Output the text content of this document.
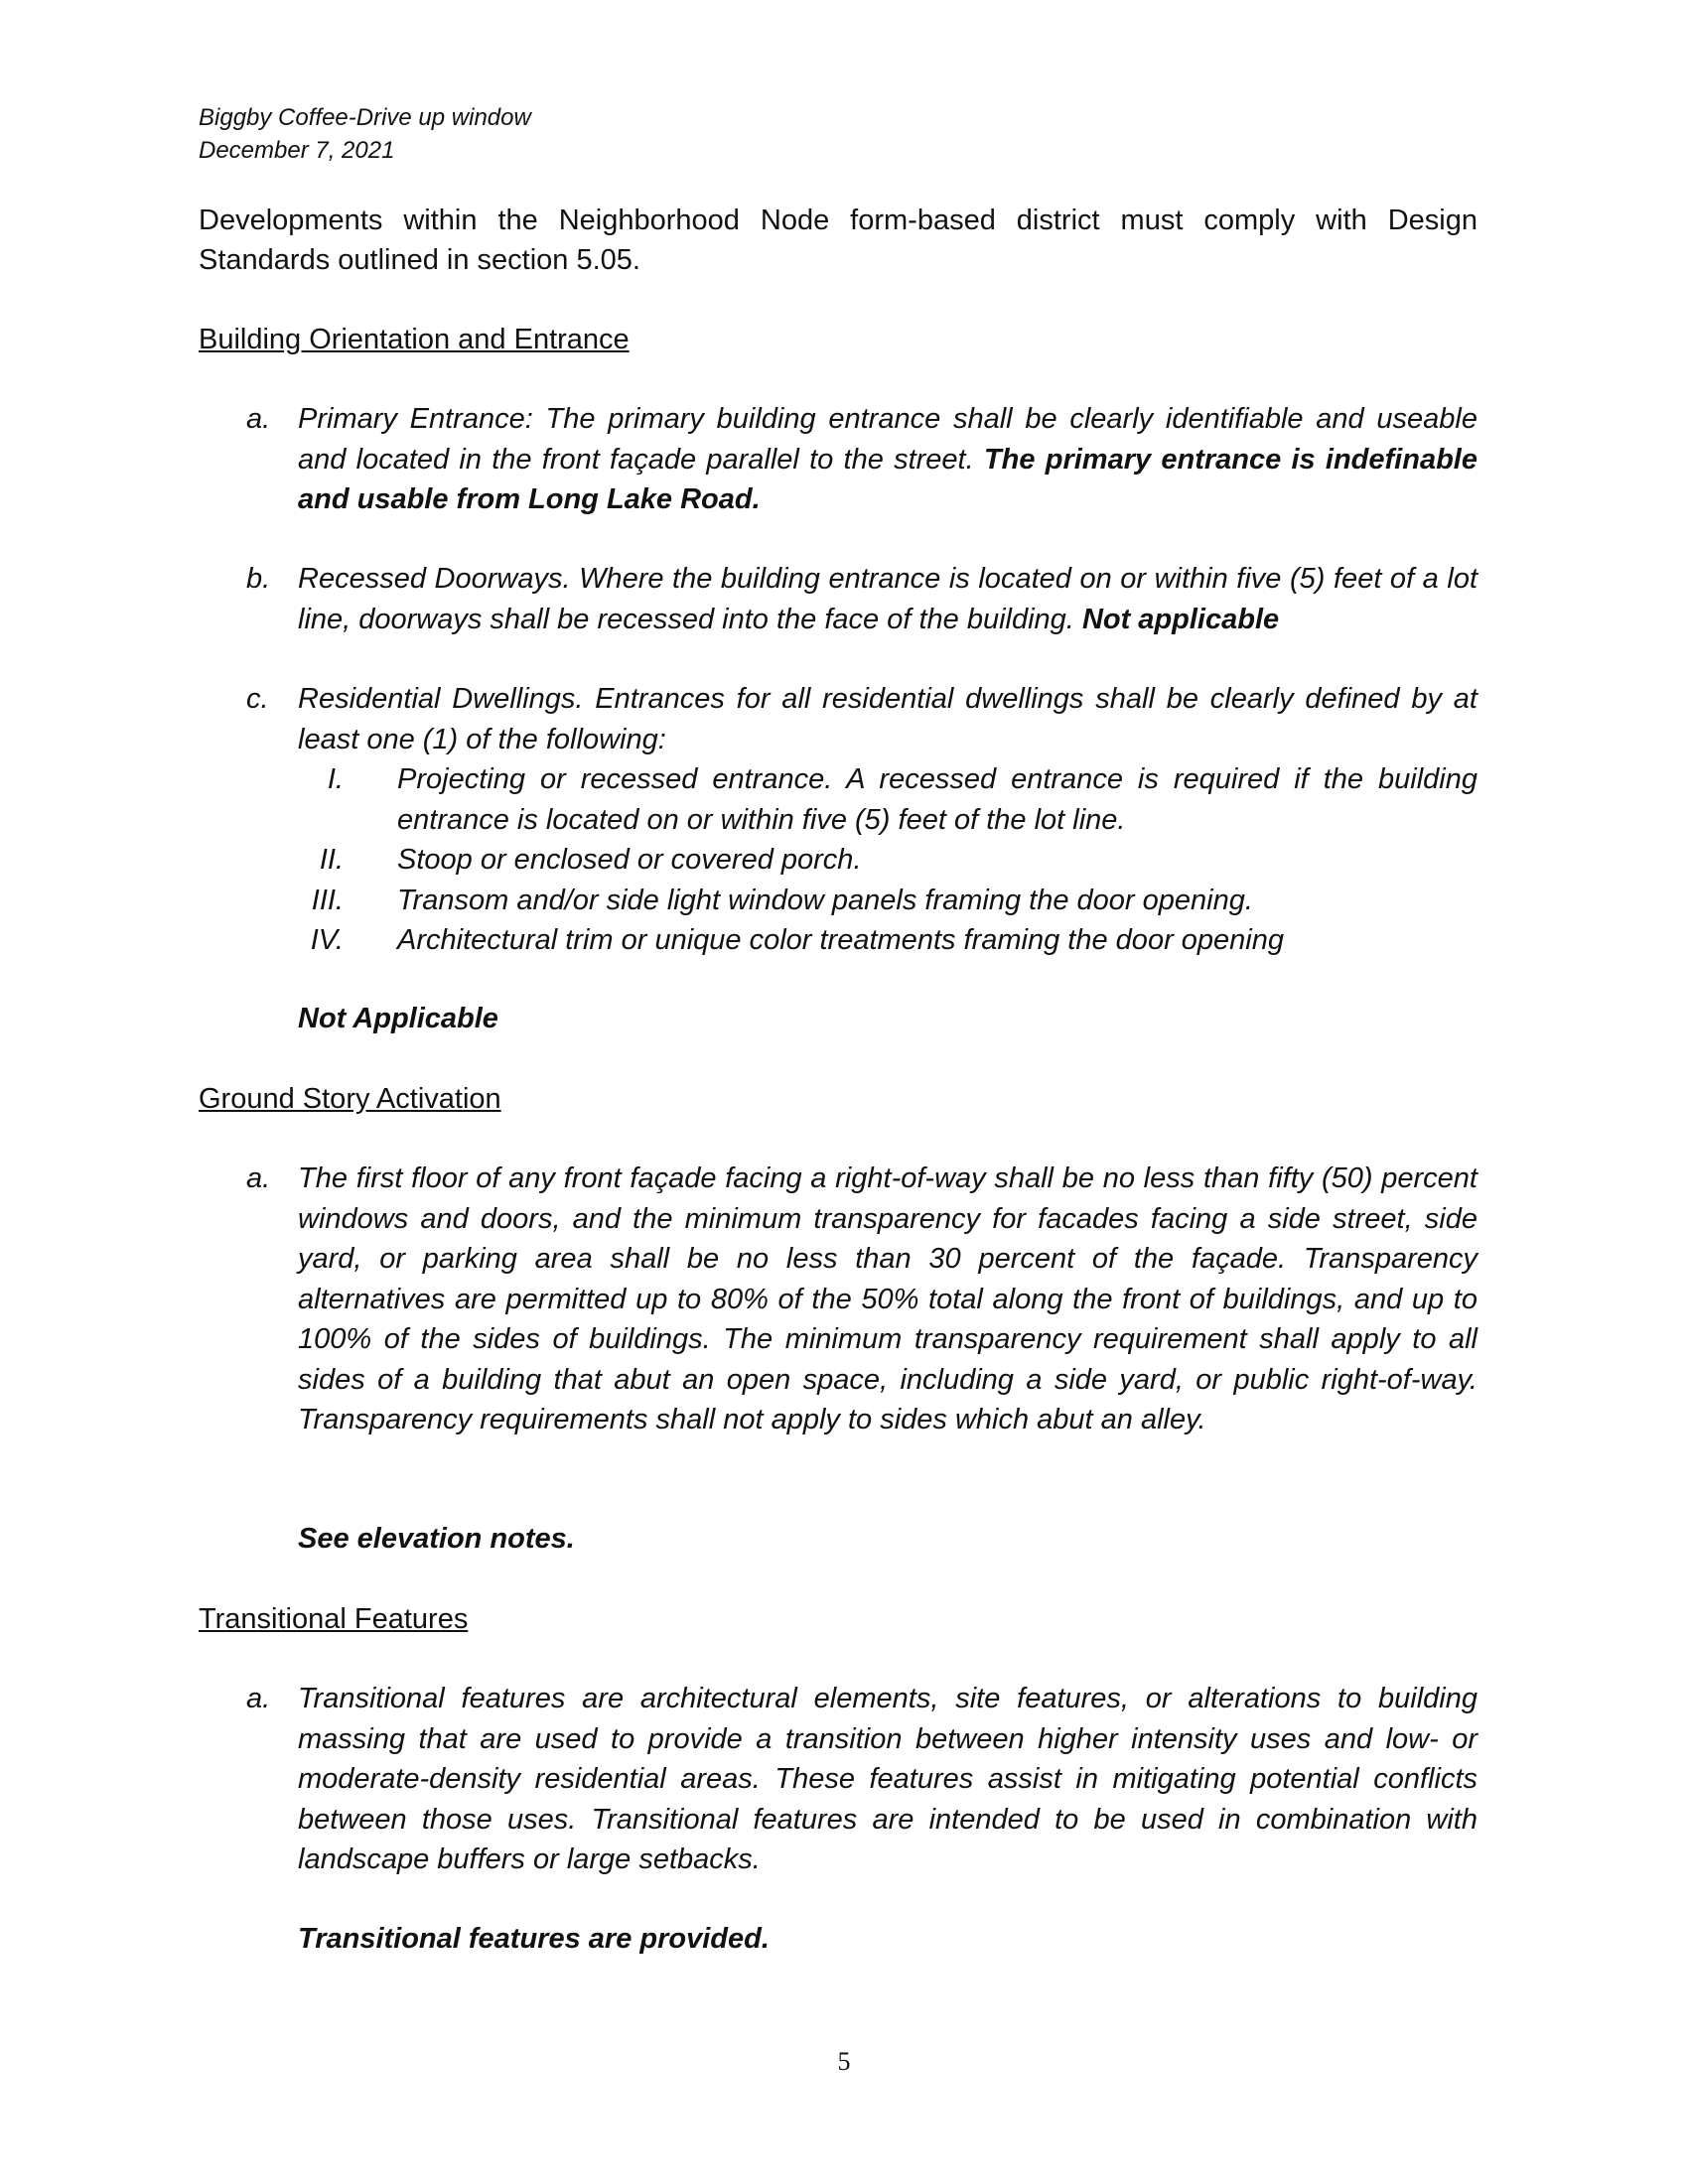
Biggby Coffee-Drive up window
December 7, 2021
Developments within the Neighborhood Node form-based district must comply with Design Standards outlined in section 5.05.
Building Orientation and Entrance
a. Primary Entrance: The primary building entrance shall be clearly identifiable and useable and located in the front façade parallel to the street. The primary entrance is indefinable and usable from Long Lake Road.
b. Recessed Doorways. Where the building entrance is located on or within five (5) feet of a lot line, doorways shall be recessed into the face of the building. Not applicable
c. Residential Dwellings. Entrances for all residential dwellings shall be clearly defined by at least one (1) of the following:
I. Projecting or recessed entrance. A recessed entrance is required if the building entrance is located on or within five (5) feet of the lot line.
II. Stoop or enclosed or covered porch.
III. Transom and/or side light window panels framing the door opening.
IV. Architectural trim or unique color treatments framing the door opening
Not Applicable
Ground Story Activation
a. The first floor of any front façade facing a right-of-way shall be no less than fifty (50) percent windows and doors, and the minimum transparency for facades facing a side street, side yard, or parking area shall be no less than 30 percent of the façade. Transparency alternatives are permitted up to 80% of the 50% total along the front of buildings, and up to 100% of the sides of buildings. The minimum transparency requirement shall apply to all sides of a building that abut an open space, including a side yard, or public right-of-way. Transparency requirements shall not apply to sides which abut an alley.
See elevation notes.
Transitional Features
a. Transitional features are architectural elements, site features, or alterations to building massing that are used to provide a transition between higher intensity uses and low- or moderate-density residential areas. These features assist in mitigating potential conflicts between those uses. Transitional features are intended to be used in combination with landscape buffers or large setbacks.
Transitional features are provided.
5
